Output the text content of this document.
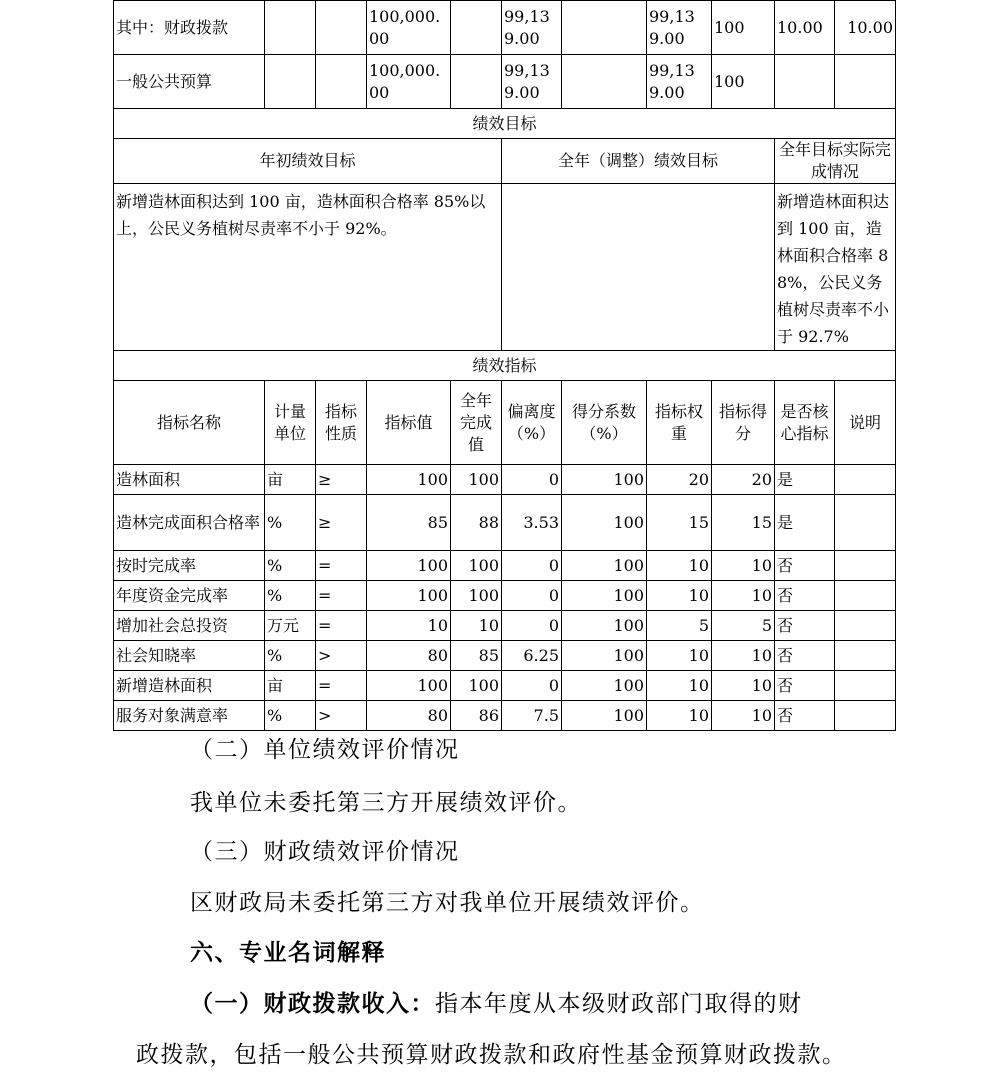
其中：财政拨款			100,000.00		99,139.00		99,139.00	100	10.00	10.00
一般公共预算			100,000.00		99,139.00		99,139.00	100		
绩效目标										
年初绩效目标					全年（调整）绩效目标				全年目标实际完成情况	
新增造林面积达到 100 亩，造林面积合格率 85%以上，公民义务植树尽责率不小于 92%。									新增造林面积达到 100 亩，造林面积合格率 88%，公民义务植树尽责率不小于 92.7%	
绩效指标										
指标名称	计量单位	指标性质	指标值	全年完成值	偏离度（%）	得分系数（%）	指标权重	指标得分	是否核心指标	说明
造林面积	亩	≥	100	100	0	100	20	20	是	
造林完成面积合格率	%	≥	85	88	3.53	100	15	15	是	
按时完成率	%	=	100	100	0	100	10	10	否	
年度资金完成率	%	=	100	100	0	100	10	10	否	
增加社会总投资	万元	=	10	10	0	100	5	5	否	
社会知晓率	%	>	80	85	6.25	100	10	10	否	
新增造林面积	亩	=	100	100	0	100	10	10	否	
服务对象满意率	%	>	80	86	7.5	100	10	10	否	

（二）单位绩效评价情况

我单位未委托第三方开展绩效评价。

（三）财政绩效评价情况

区财政局未委托第三方对我单位开展绩效评价。

六、专业名词解释

（一）财政拨款收入：指本年度从本级财政部门取得的财

政拨款，包括一般公共预算财政拨款和政府性基金预算财政拨款。
